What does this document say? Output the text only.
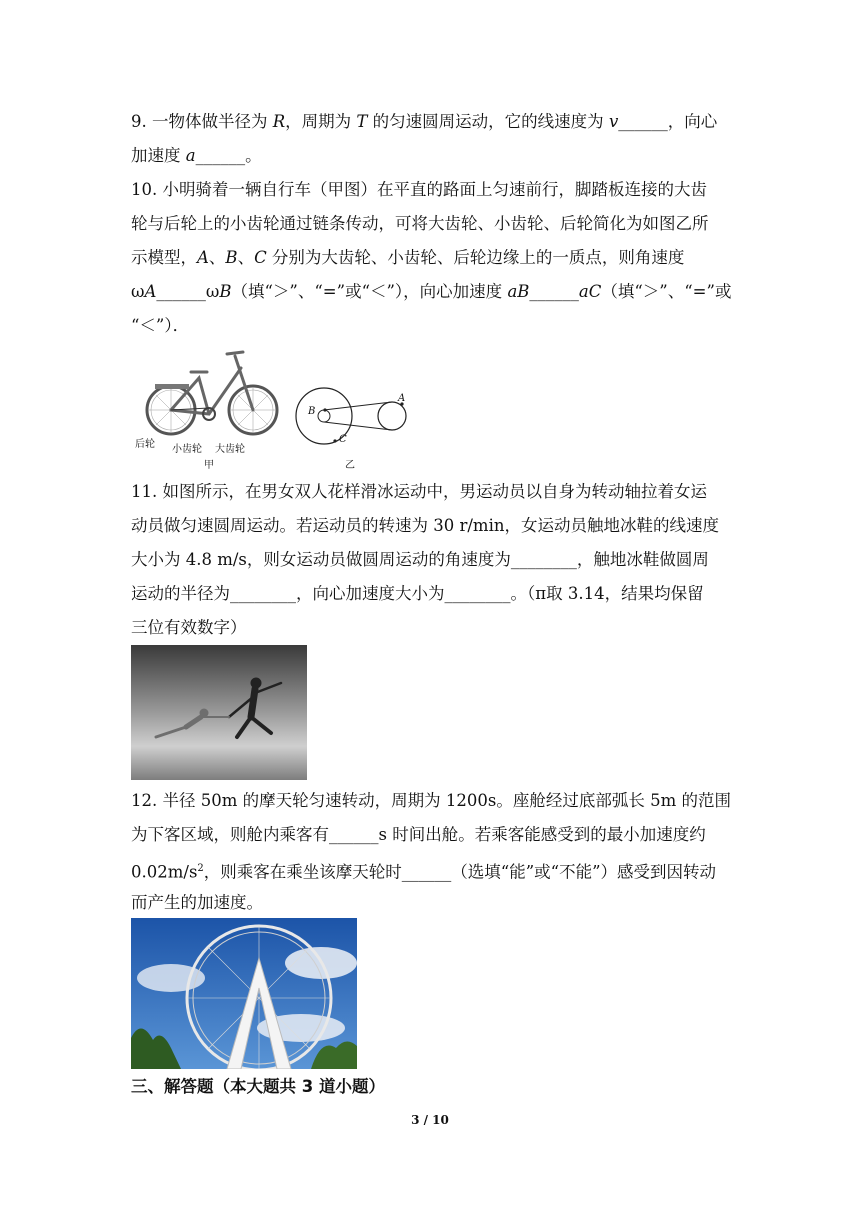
9. 一物体做半径为 R，周期为 T 的匀速圆周运动，它的线速度为 v______，向心
加速度 a______。
10. 小明骑着一辆自行车（甲图）在平直的路面上匀速前行，脚踏板连接的大齿
轮与后轮上的小齿轮通过链条传动，可将大齿轮、小齿轮、后轮简化为如图乙所
示模型，A、B、C 分别为大齿轮、小齿轮、后轮边缘上的一质点，则角速度
ωA______ωB（填“＞”、“=”或“＜”），向心加速度 aB______aC（填“＞”、“=”或
“＜”）．
后轮 小齿轮 大齿轮
甲
B
A
C
乙
11. 如图所示，在男女双人花样滑冰运动中，男运动员以自身为转动轴拉着女运
动员做匀速圆周运动。若运动员的转速为 30 r/min，女运动员触地冰鞋的线速度
大小为 4.8 m/s，则女运动员做圆周运动的角速度为________，触地冰鞋做圆周
运动的半径为________，向心加速度大小为________。（π取 3.14，结果均保留
三位有效数字）
12. 半径 50m 的摩天轮匀速转动，周期为 1200s。座舱经过底部弧长 5m 的范围
为下客区域，则舱内乘客有______s 时间出舱。若乘客能感受到的最小加速度约
$0.02m/s^2$，则乘客在乘坐该摩天轮时______（选填“能”或“不能”）感受到因转动
而产生的加速度。
三、解答题（本大题共 3 道小题）
3 / 10
